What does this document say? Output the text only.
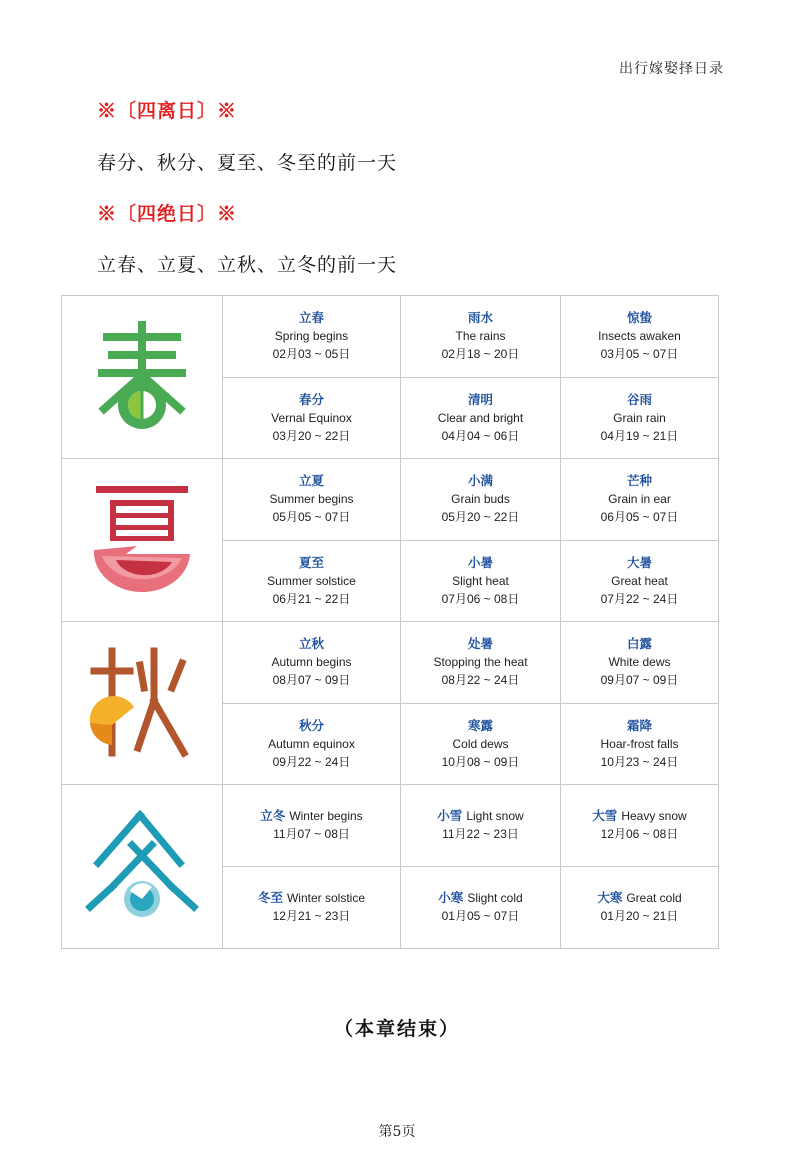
出行嫁娶择日录
※〔四离日〕※
春分、秋分、夏至、冬至的前一天
※〔四绝日〕※
立春、立夏、立秋、立冬的前一天
立春
Spring begins
02月03 ~ 05日
雨水
The rains
02月18 ~ 20日
惊蛰
Insects awaken
03月05 ~ 07日
春分
Vernal Equinox
03月20 ~ 22日
清明
Clear and bright
04月04 ~ 06日
谷雨
Grain rain
04月19 ~ 21日
立夏
Summer begins
05月05 ~ 07日
小满
Grain buds
05月20 ~ 22日
芒种
Grain in ear
06月05 ~ 07日
夏至
Summer solstice
06月21 ~ 22日
小暑
Slight heat
07月06 ~ 08日
大暑
Great heat
07月22 ~ 24日
立秋
Autumn begins
08月07 ~ 09日
处暑
Stopping the heat
08月22 ~ 24日
白露
White dews
09月07 ~ 09日
秋分
Autumn equinox
09月22 ~ 24日
寒露
Cold dews
10月08 ~ 09日
霜降
Hoar-frost falls
10月23 ~ 24日
立冬 Winter begins
11月07 ~ 08日
小雪 Light snow
11月22 ~ 23日
大雪 Heavy snow
12月06 ~ 08日
冬至 Winter solstice
12月21 ~ 23日
小寒 Slight cold
01月05 ~ 07日
大寒 Great cold
01月20 ~ 21日
（本章结束）
第5页
